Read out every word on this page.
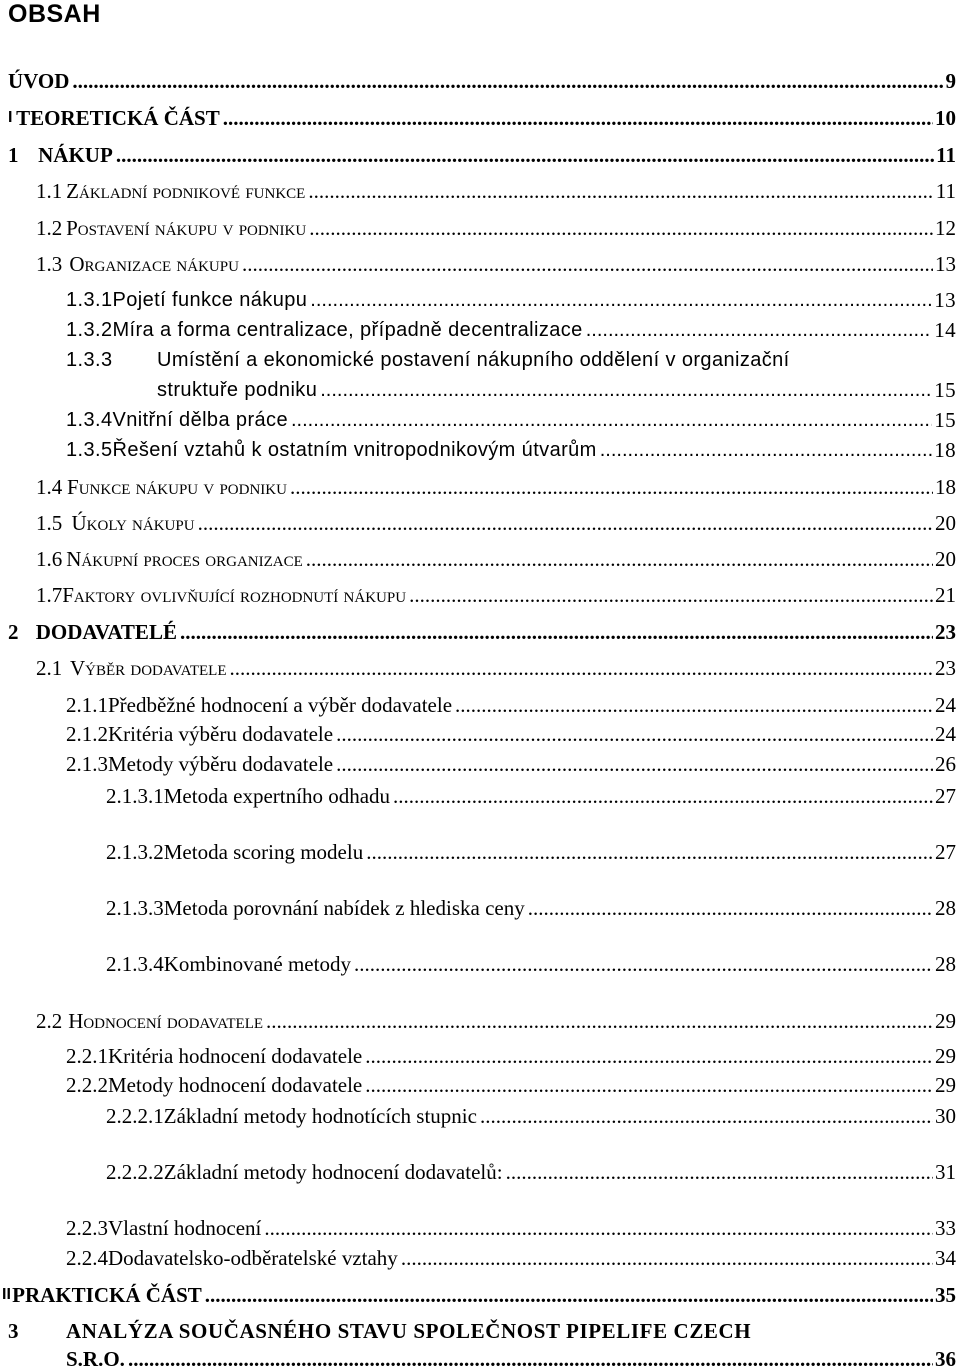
OBSAH
ÚVOD .....	9
I TEORETICKÁ ČÁST .....	10
1 NÁKUP .....	11
1.1 Základní podnikové funkce .....	11
1.2 Postavení nákupu v podniku .....	12
1.3 Organizace nákupu .....	13
1.3.1 Pojetí funkce nákupu .....	13
1.3.2 Míra a forma centralizace, případně decentralizace .....	14
1.3.3	Umístění a ekonomické postavení nákupního oddělení v organizační
struktuře podniku .....	15
1.3.4 Vnitřní dělba práce .....	15
1.3.5 Řešení vztahů k ostatním vnitropodnikovým útvarům .....	18
1.4 Funkce nákupu v podniku .....	18
1.5 Úkoly nákupu .....	20
1.6 Nákupní proces organizace .....	20
1.7 Faktory ovlivňující rozhodnutí nákupu .....	21
2 DODAVATELÉ .....	23
2.1 Výběr dodavatele .....	23
2.1.1 Předběžné hodnocení a výběr dodavatele .....	24
2.1.2 Kritéria výběru dodavatele .....	24
2.1.3 Metody výběru dodavatele .....	26
2.1.3.1 Metoda expertního odhadu .....	27
2.1.3.2 Metoda scoring modelu .....	27
2.1.3.3 Metoda porovnání nabídek z hlediska ceny .....	28
2.1.3.4 Kombinované metody .....	28
2.2 Hodnocení dodavatele .....	29
2.2.1 Kritéria hodnocení dodavatele .....	29
2.2.2 Metody hodnocení dodavatele .....	29
2.2.2.1 Základní metody hodnotících stupnic .....	30
2.2.2.2 Základní metody hodnocení dodavatelů: .....	31
2.2.3 Vlastní hodnocení .....	33
2.2.4 Dodavatelsko-odběratelské vztahy .....	34
II PRAKTICKÁ ČÁST .....	35
3	ANALÝZA SOUČASNÉHO STAVU SPOLEČNOST PIPELIFE CZECH
S.R.O. .....	36
